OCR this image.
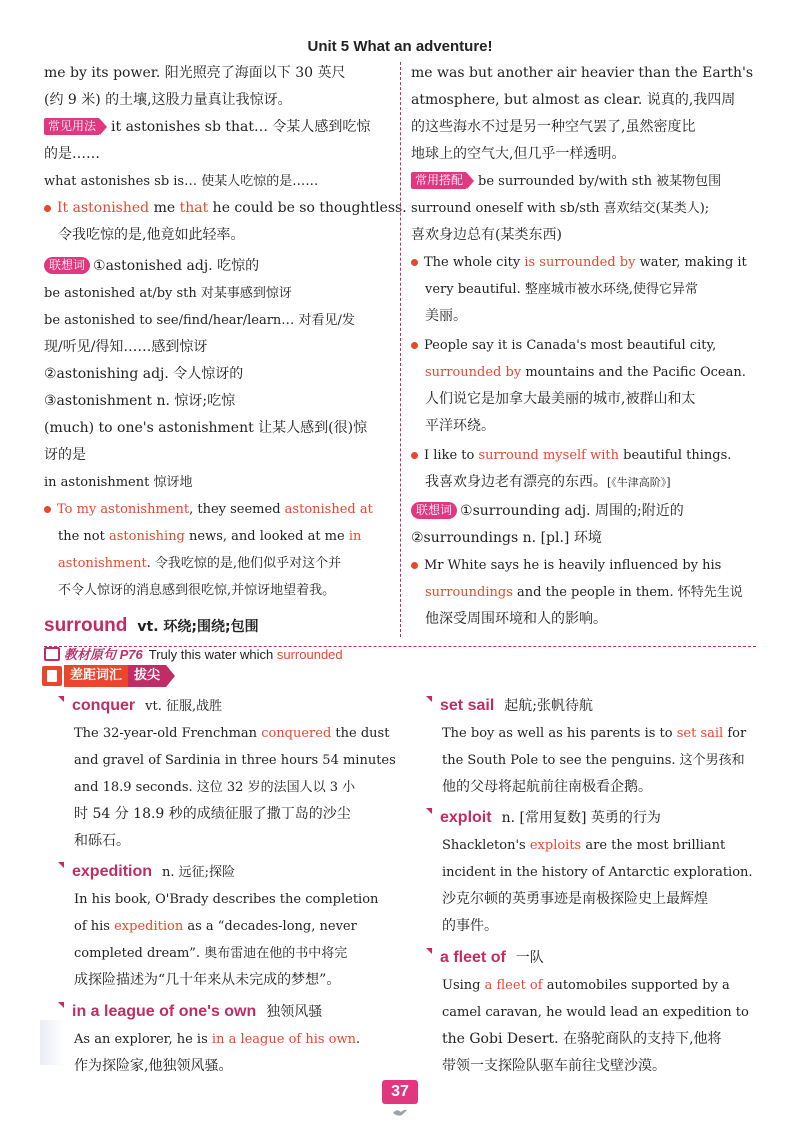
Unit 5 What an adventure!
me by its power. 阳光照亮了海面以下 30 英尺
(约 9 米) 的土壤,这股力量真让我惊讶。
常见用法 it astonishes sb that… 令某人感到吃惊
的是……
what astonishes sb is… 使某人吃惊的是……
It astonished me that he could be so thoughtless.
令我吃惊的是,他竟如此轻率。
联想词 ①astonished adj. 吃惊的
be astonished at/by sth 对某事感到惊讶
be astonished to see/find/hear/learn… 对看见/发
现/听见/得知……感到惊讶
②astonishing adj. 令人惊讶的
③astonishment n. 惊讶;吃惊
(much) to one's astonishment 让某人感到(很)惊
讶的是
in astonishment 惊讶地
To my astonishment, they seemed astonished at
the not astonishing news, and looked at me in
astonishment. 令我吃惊的是,他们似乎对这个并
不令人惊讶的消息感到很吃惊,并惊讶地望着我。
surround vt. 环绕;围绕;包围
教材原句 P76 Truly this water which surrounded
me was but another air heavier than the Earth's
atmosphere, but almost as clear. 说真的,我四周
的这些海水不过是另一种空气罢了,虽然密度比
地球上的空气大,但几乎一样透明。
常用搭配 be surrounded by/with sth 被某物包围
surround oneself with sb/sth 喜欢结交(某类人);
喜欢身边总有(某类东西)
The whole city is surrounded by water, making it
very beautiful. 整座城市被水环绕,使得它异常
美丽。
People say it is Canada's most beautiful city,
surrounded by mountains and the Pacific Ocean.
人们说它是加拿大最美丽的城市,被群山和太
平洋环绕。
I like to surround myself with beautiful things.
我喜欢身边老有漂亮的东西。[《牛津高阶》]
联想词 ①surrounding adj. 周围的;附近的
②surroundings n. [pl.] 环境
Mr White says he is heavily influenced by his
surroundings and the people in them. 怀特先生说
他深受周围环境和人的影响。
差距词汇 拔尖
conquer vt. 征服,战胜
The 32-year-old Frenchman conquered the dust
and gravel of Sardinia in three hours 54 minutes
and 18.9 seconds. 这位 32 岁的法国人以 3 小
时 54 分 18.9 秒的成绩征服了撒丁岛的沙尘
和砾石。
expedition n. 远征;探险
In his book, O'Brady describes the completion
of his expedition as a “decades-long, never
completed dream”. 奥布雷迪在他的书中将完
成探险描述为“几十年来从未完成的梦想”。
in a league of one's own 独领风骚
As an explorer, he is in a league of his own.
作为探险家,他独领风骚。
set sail 起航;张帆待航
The boy as well as his parents is to set sail for
the South Pole to see the penguins. 这个男孩和
他的父母将起航前往南极看企鹅。
exploit n. [常用复数] 英勇的行为
Shackleton's exploits are the most brilliant
incident in the history of Antarctic exploration.
沙克尔顿的英勇事迹是南极探险史上最辉煌
的事件。
a fleet of 一队
Using a fleet of automobiles supported by a
camel caravan, he would lead an expedition to
the Gobi Desert. 在骆驼商队的支持下,他将
带领一支探险队驱车前往戈壁沙漠。
37
